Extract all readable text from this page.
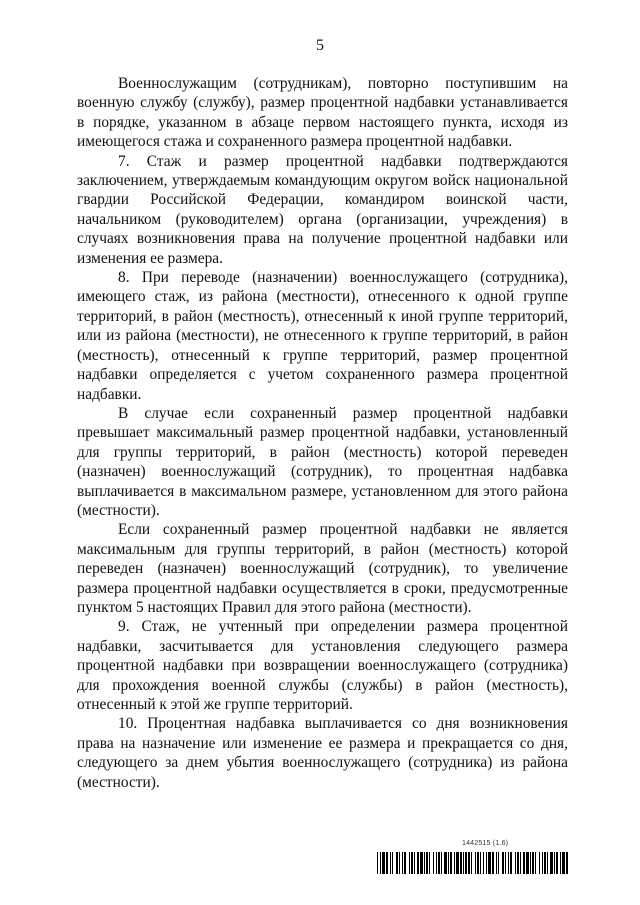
5

Военнослужащим (сотрудникам), повторно поступившим на военную службу (службу), размер процентной надбавки устанавливается в порядке, указанном в абзаце первом настоящего пункта, исходя из имеющегося стажа и сохраненного размера процентной надбавки.

7. Стаж и размер процентной надбавки подтверждаются заключением, утверждаемым командующим округом войск национальной гвардии Российской Федерации, командиром воинской части, начальником (руководителем) органа (организации, учреждения) в случаях возникновения права на получение процентной надбавки или изменения ее размера.

8. При переводе (назначении) военнослужащего (сотрудника), имеющего стаж, из района (местности), отнесенного к одной группе территорий, в район (местность), отнесенный к иной группе территорий, или из района (местности), не отнесенного к группе территорий, в район (местность), отнесенный к группе территорий, размер процентной надбавки определяется с учетом сохраненного размера процентной надбавки.

В случае если сохраненный размер процентной надбавки превышает максимальный размер процентной надбавки, установленный для группы территорий, в район (местность) которой переведен (назначен) военнослужащий (сотрудник), то процентная надбавка выплачивается в максимальном размере, установленном для этого района (местности).

Если сохраненный размер процентной надбавки не является максимальным для группы территорий, в район (местность) которой переведен (назначен) военнослужащий (сотрудник), то увеличение размера процентной надбавки осуществляется в сроки, предусмотренные пунктом 5 настоящих Правил для этого района (местности).

9. Стаж, не учтенный при определении размера процентной надбавки, засчитывается для установления следующего размера процентной надбавки при возвращении военнослужащего (сотрудника) для прохождения военной службы (службы) в район (местность), отнесенный к этой же группе территорий.

10. Процентная надбавка выплачивается со дня возникновения права на назначение или изменение ее размера и прекращается со дня, следующего за днем убытия военнослужащего (сотрудника) из района (местности).

1442515 (1.6)
